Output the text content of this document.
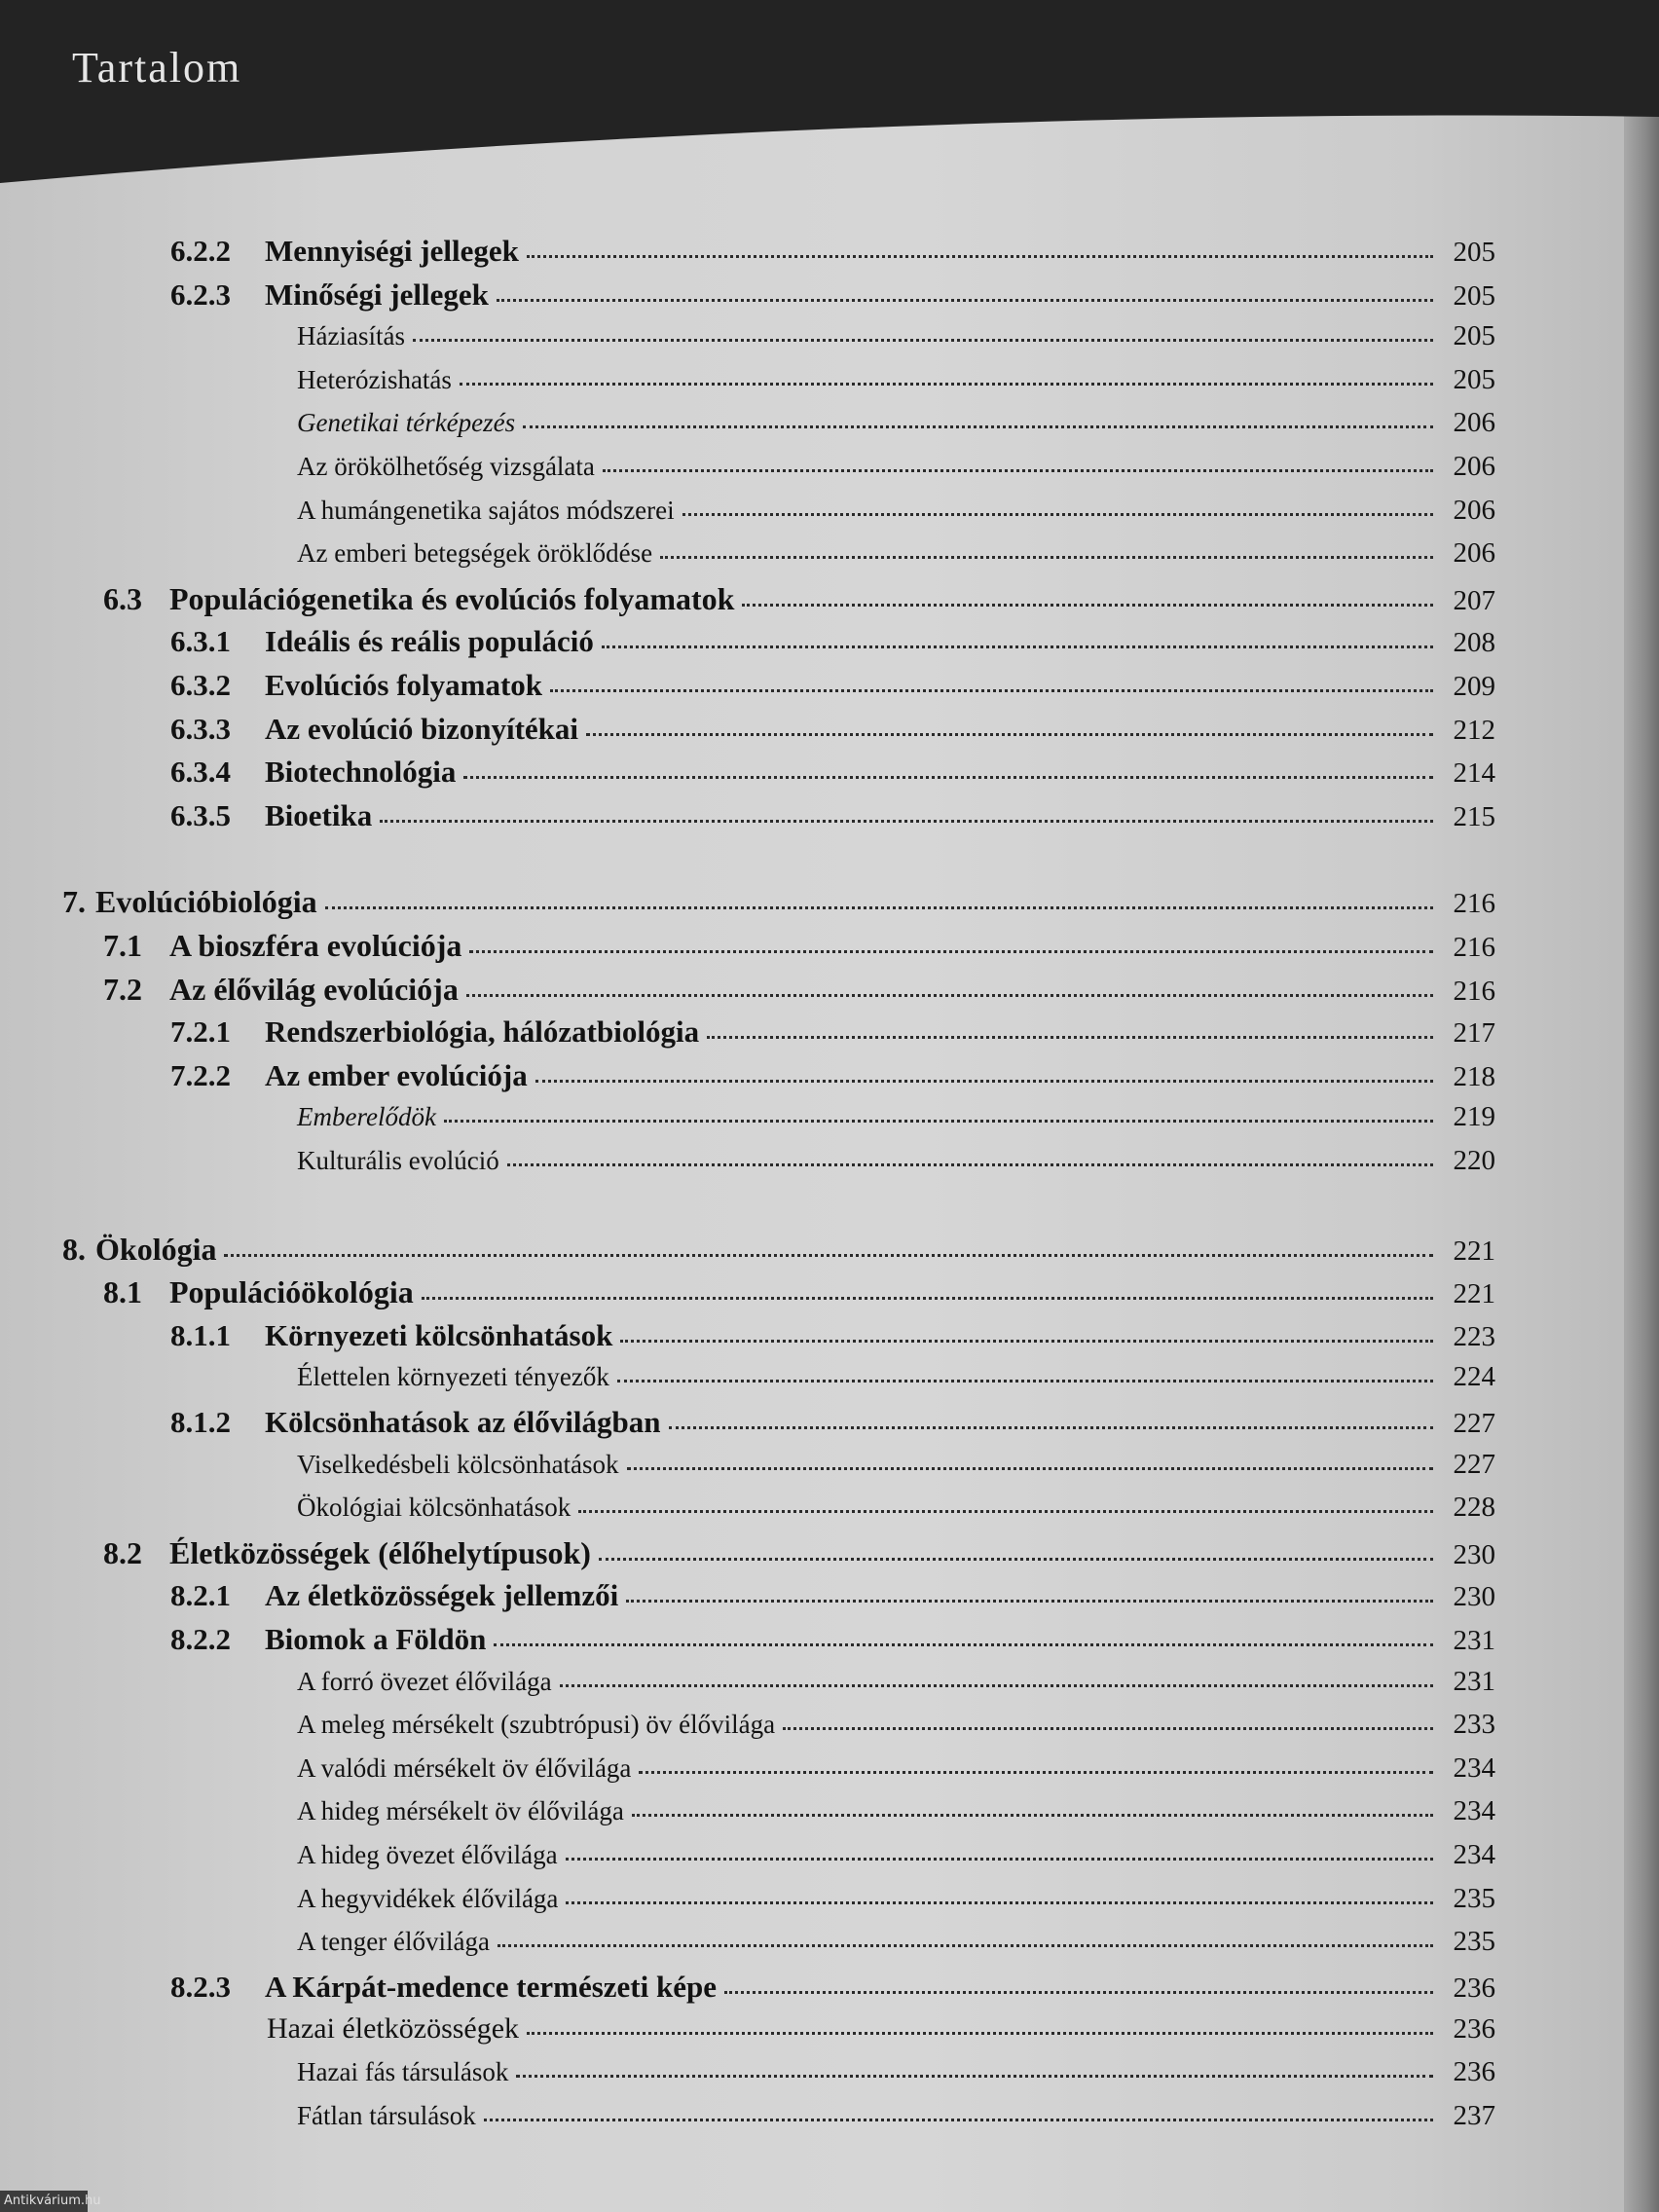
Tartalom
6.2.2	Mennyiségi jellegek	205
6.2.3	Minőségi jellegek	205
Háziasítás	205
Heterózishatás	205
Genetikai térképezés	206
Az örökölhetőség vizsgálata	206
A humángenetika sajátos módszerei	206
Az emberi betegségek öröklődése	206
6.3 Populációgenetika és evolúciós folyamatok	207
6.3.1	Ideális és reális populáció	208
6.3.2	Evolúciós folyamatok	209
6.3.3	Az evolúció bizonyítékai	212
6.3.4	Biotechnológia	214
6.3.5	Bioetika	215
7. Evolúcióbiológia	216
7.1 A bioszféra evolúciója	216
7.2 Az élővilág evolúciója	216
7.2.1	Rendszerbiológia, hálózatbiológia	217
7.2.2	Az ember evolúciója	218
Emberelődök	219
Kulturális evolúció	220
8. Ökológia	221
8.1 Populációökológia	221
8.1.1	Környezeti kölcsönhatások	223
Élettelen környezeti tényezők	224
8.1.2	Kölcsönhatások az élővilágban	227
Viselkedésbeli kölcsönhatások	227
Ökológiai kölcsönhatások	228
8.2 Életközösségek (élőhelytípusok)	230
8.2.1	Az életközösségek jellemzői	230
8.2.2	Biomok a Földön	231
A forró övezet élővilága	231
A meleg mérsékelt (szubtrópusi) öv élővilága	233
A valódi mérsékelt öv élővilága	234
A hideg mérsékelt öv élővilága	234
A hideg övezet élővilága	234
A hegyvidékek élővilága	235
A tenger élővilága	235
8.2.3	A Kárpát-medence természeti képe	236
Hazai életközösségek	236
Hazai fás társulások	236
Fátlan társulások	237
Antikvárium.hu
